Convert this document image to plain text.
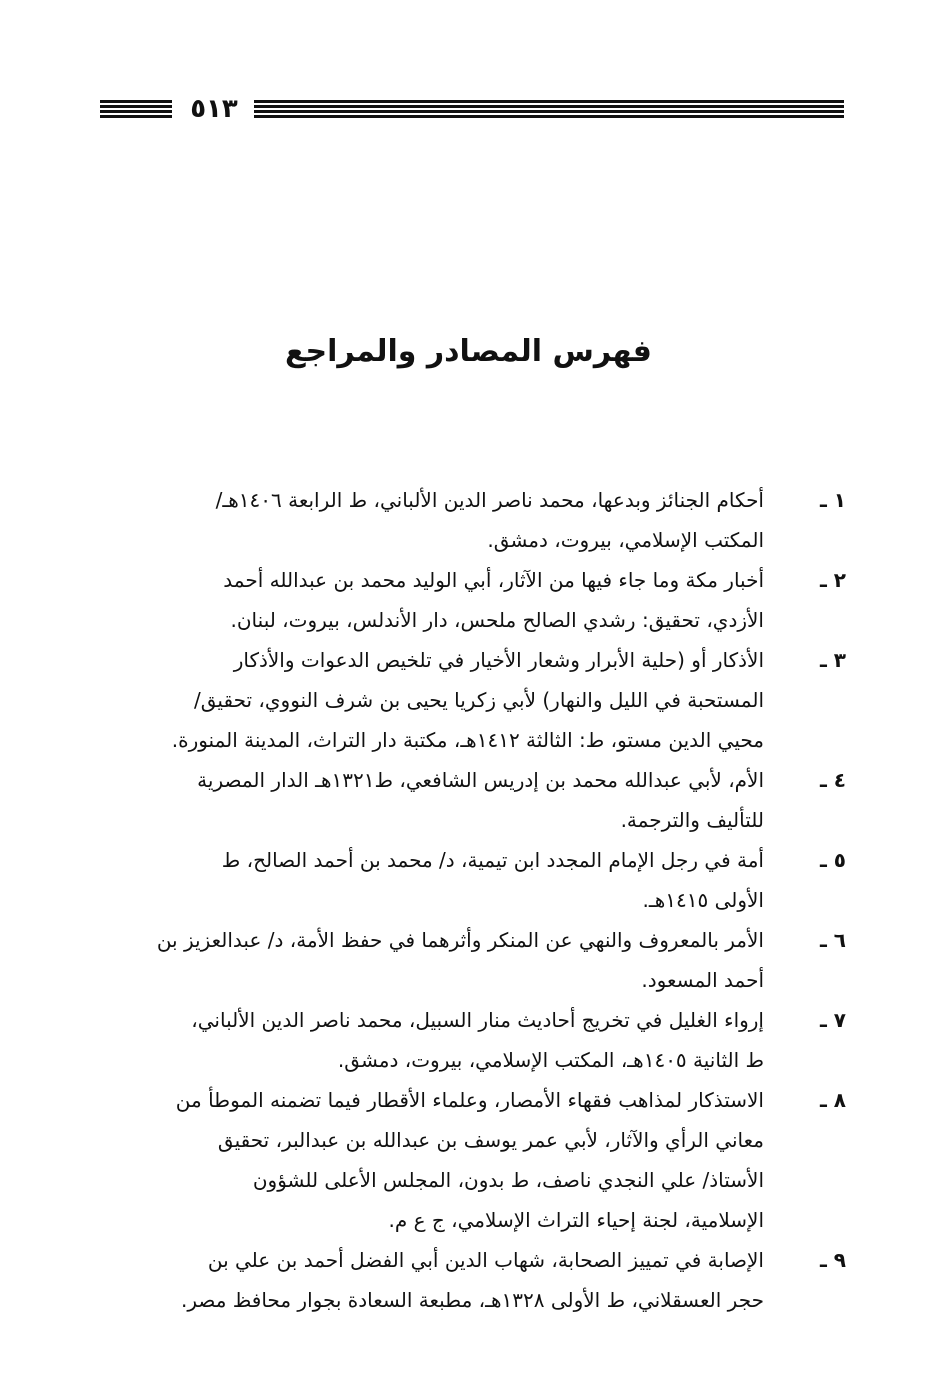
٥١٣
فهرس المصادر والمراجع
١ ـ
أحكام الجنائز وبدعها، محمد ناصر الدين الألباني، ط الرابعة ١٤٠٦هـ/
المكتب الإسلامي، بيروت، دمشق.
٢ ـ
أخبار مكة وما جاء فيها من الآثار، أبي الوليد محمد بن عبدالله أحمد
الأزدي، تحقيق: رشدي الصالح ملحس، دار الأندلس، بيروت، لبنان.
٣ ـ
الأذكار أو (حلية الأبرار وشعار الأخيار في تلخيص الدعوات والأذكار
المستحبة في الليل والنهار) لأبي زكريا يحيى بن شرف النووي، تحقيق/
محيي الدين مستو، ط: الثالثة ١٤١٢هـ، مكتبة دار التراث، المدينة المنورة.
٤ ـ
الأم، لأبي عبدالله محمد بن إدريس الشافعي، ط١٣٢١هـ الدار المصرية
للتأليف والترجمة.
٥ ـ
أمة في رجل الإمام المجدد ابن تيمية، د/ محمد بن أحمد الصالح، ط
الأولى ١٤١٥هـ.
٦ ـ
الأمر بالمعروف والنهي عن المنكر وأثرهما في حفظ الأمة، د/ عبدالعزيز بن
أحمد المسعود.
٧ ـ
إرواء الغليل في تخريج أحاديث منار السبيل، محمد ناصر الدين الألباني،
ط الثانية ١٤٠٥هـ، المكتب الإسلامي، بيروت، دمشق.
٨ ـ
الاستذكار لمذاهب فقهاء الأمصار، وعلماء الأقطار فيما تضمنه الموطأ من
معاني الرأي والآثار، لأبي عمر يوسف بن عبدالله بن عبدالبر، تحقيق
الأستاذ/ علي النجدي ناصف، ط بدون، المجلس الأعلى للشؤون
الإسلامية، لجنة إحياء التراث الإسلامي، ج ع م.
٩ ـ
الإصابة في تمييز الصحابة، شهاب الدين أبي الفضل أحمد بن علي بن
حجر العسقلاني، ط الأولى ١٣٢٨هـ، مطبعة السعادة بجوار محافظ مصر.
